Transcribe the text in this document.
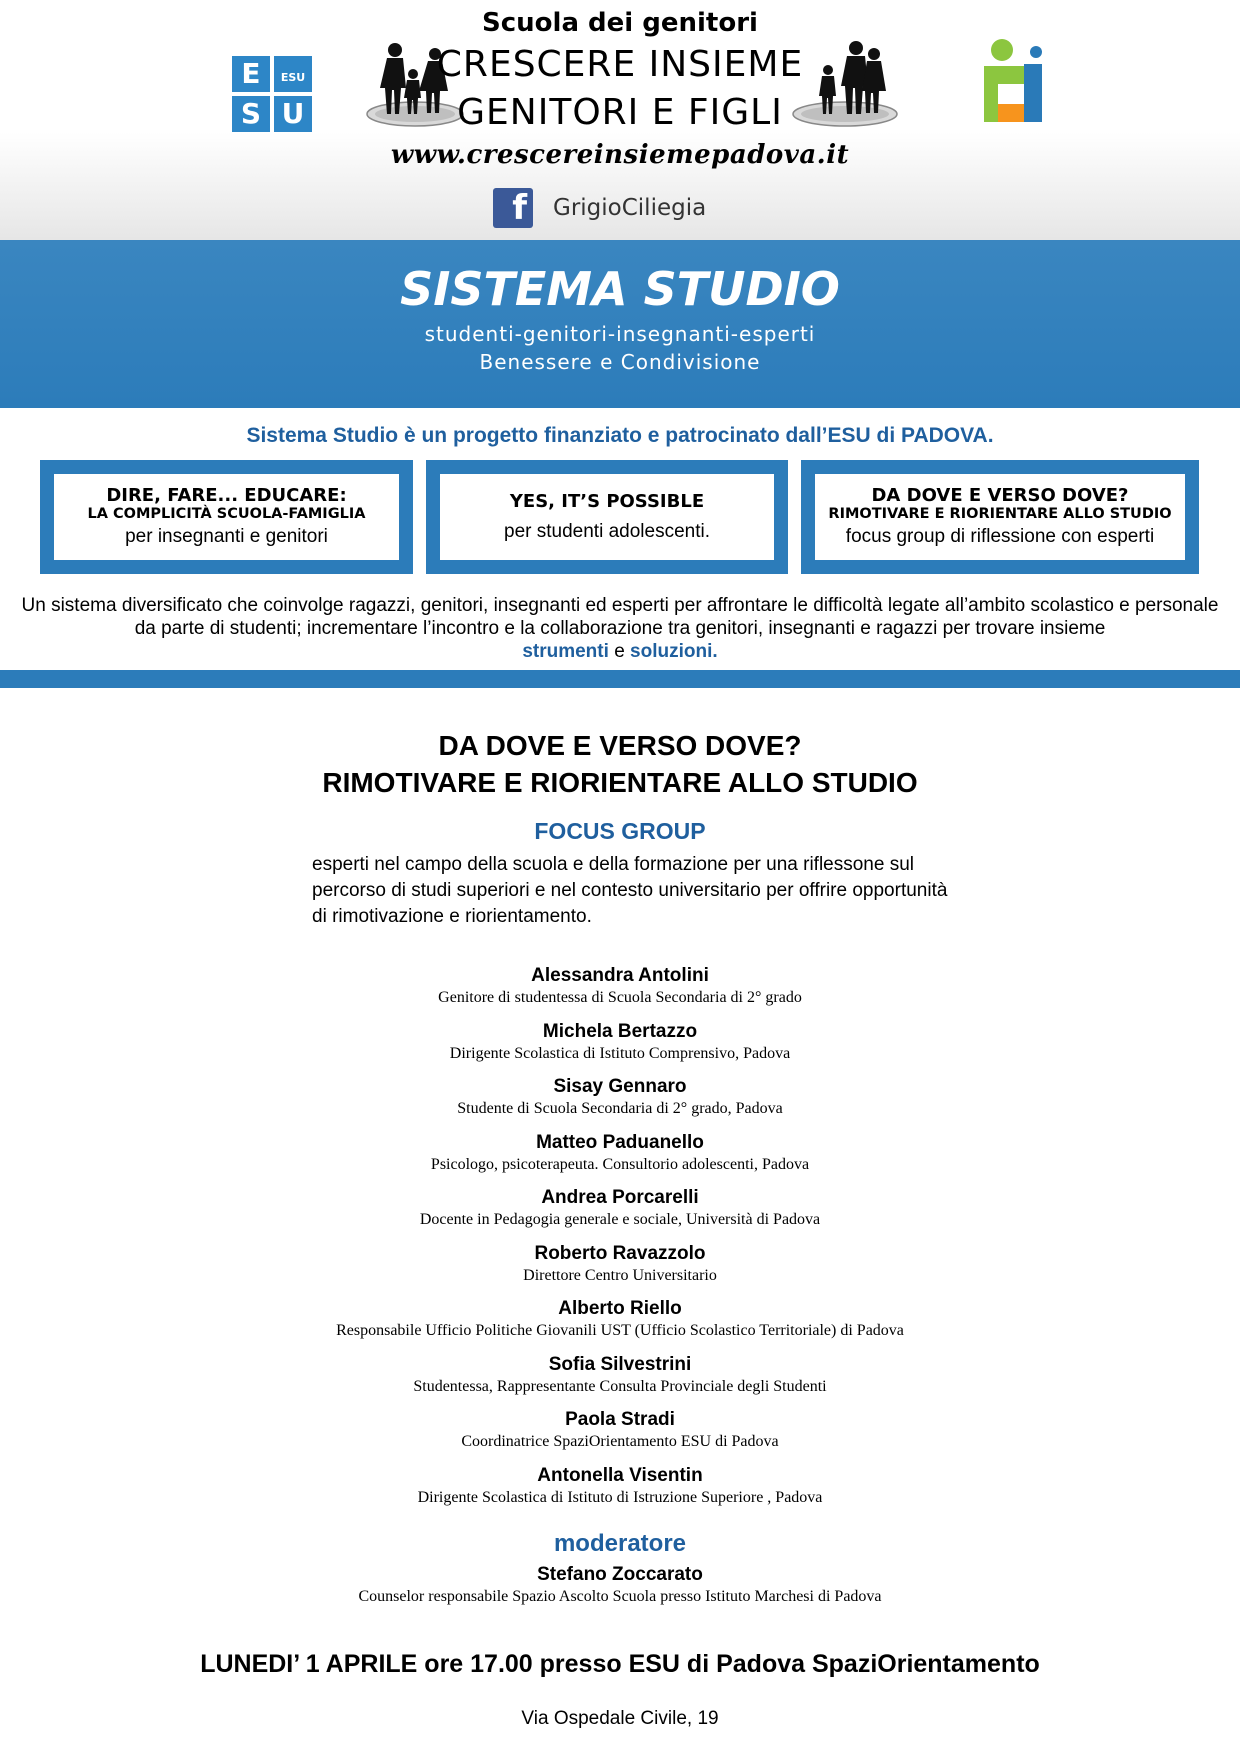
E	ESU
S U
Scuola dei genitori
CRESCERE INSIEME
GENITORI E FIGLI
www.crescereinsiemepadova.it
f GrigioCiliegia
SISTEMA STUDIO
studenti-genitori-insegnanti-esperti
Benessere e Condivisione
Sistema Studio è un progetto finanziato e patrocinato dall’ESU di PADOVA.
DIRE, FARE... EDUCARE:
LA COMPLICITÀ SCUOLA-FAMIGLIA
per insegnanti e genitori
YES, IT’S POSSIBLE
per studenti adolescenti.
DA DOVE E VERSO DOVE?
RIMOTIVARE E RIORIENTARE ALLO STUDIO
focus group di riflessione con esperti
Un sistema diversificato che coinvolge ragazzi, genitori, insegnanti ed esperti per affrontare le difficoltà legate all’ambito scolastico e personale da parte di studenti; incrementare l’incontro e la collaborazione tra genitori, insegnanti e ragazzi per trovare insieme
strumenti e soluzioni.
DA DOVE E VERSO DOVE?
RIMOTIVARE E RIORIENTARE ALLO STUDIO
FOCUS GROUP
esperti nel campo della scuola e della formazione per una riflessone sul percorso di studi superiori e nel contesto universitario per offrire opportunità di rimotivazione e riorientamento.
Alessandra Antolini
Genitore di studentessa di Scuola Secondaria di 2° grado
Michela Bertazzo
Dirigente Scolastica di Istituto Comprensivo, Padova
Sisay Gennaro
Studente di Scuola Secondaria di 2° grado, Padova
Matteo Paduanello
Psicologo, psicoterapeuta. Consultorio adolescenti, Padova
Andrea Porcarelli
Docente in Pedagogia generale e sociale, Università di Padova
Roberto Ravazzolo
Direttore Centro Universitario
Alberto Riello
Responsabile Ufficio Politiche Giovanili UST (Ufficio Scolastico Territoriale) di Padova
Sofia Silvestrini
Studentessa, Rappresentante Consulta Provinciale degli Studenti
Paola Stradi
Coordinatrice SpaziOrientamento ESU di Padova
Antonella Visentin
Dirigente Scolastica di Istituto di Istruzione Superiore , Padova
moderatore
Stefano Zoccarato
Counselor responsabile Spazio Ascolto Scuola presso Istituto Marchesi di Padova
LUNEDI’ 1 APRILE ore 17.00 presso ESU di Padova SpaziOrientamento
Via Ospedale Civile, 19
